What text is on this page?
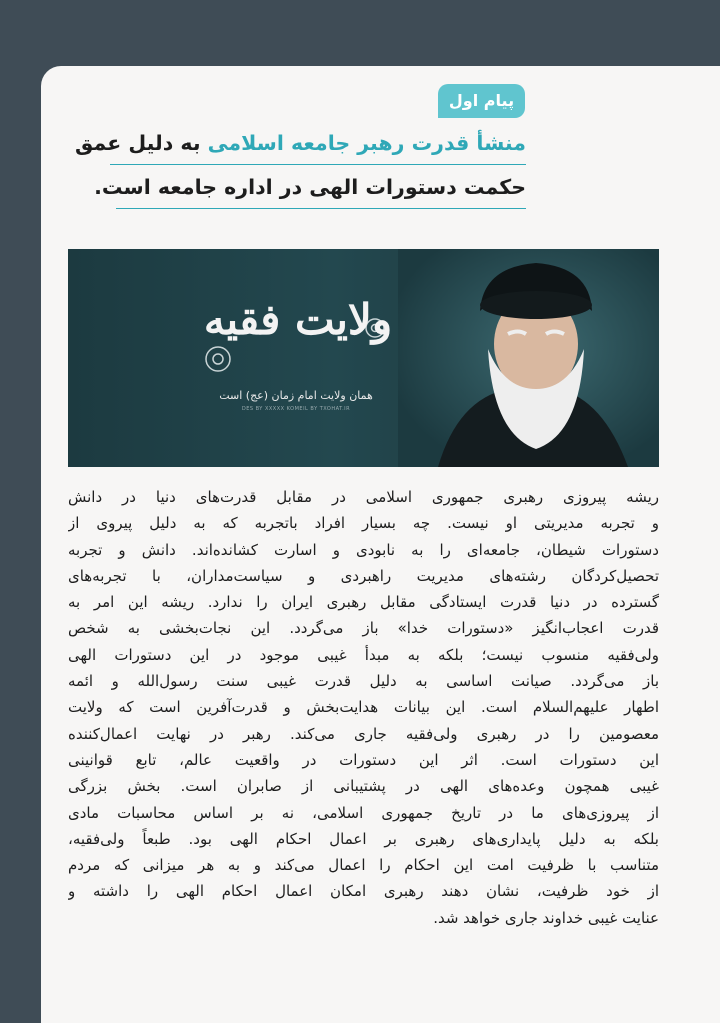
پیام اول
منشأ قدرت رهبر جامعه اسلامی به دلیل عمق
حکمت دستورات الهی در اداره جامعه است.
ولایت فقیه
همان ولایت امام زمان (عج) است
DES BY XXXXX KOMEIL BY TXOHAT.IR
ریشه پیروزی رهبری جمهوری اسلامی در مقابل قدرت‌های دنیا در دانش
و تجربه مدیریتی او نیست. چه بسیار افراد باتجربه که به دلیل پیروی از
دستورات شیطان، جامعه‌ای را به نابودی و اسارت کشانده‌اند. دانش و تجربه
تحصیل‌کردگان رشته‌های مدیریت راهبردی و سیاست‌مداران، با تجربه‌های
گسترده در دنیا قدرت ایستادگی مقابل رهبری ایران را ندارد. ریشه این امر به
قدرت اعجاب‌انگیز «دستورات خدا» باز می‌گردد. این نجات‌بخشی به شخص
ولی‌فقیه منسوب نیست؛ بلکه به مبدأ غیبی موجود در این دستورات الهی
باز می‌گردد. صیانت اساسی به دلیل قدرت غیبی سنت رسول‌الله و ائمه
اطهار علیهم‌السلام است. این بیانات هدایت‌بخش و قدرت‌آفرین است که ولایت
معصومین را در رهبری ولی‌فقیه جاری می‌کند. رهبر در نهایت اعمال‌کننده
این دستورات است. اثر این دستورات در واقعیت عالم، تابع قوانینی
غیبی همچون وعده‌های الهی در پشتیبانی از صابران است. بخش بزرگی
از پیروزی‌های ما در تاریخ جمهوری اسلامی، نه بر اساس محاسبات مادی
بلکه به دلیل پایداری‌های رهبری بر اعمال احکام الهی بود. طبعاً ولی‌فقیه،
متناسب با ظرفیت امت این احکام را اعمال می‌کند و به هر میزانی که مردم
از خود ظرفیت، نشان دهند رهبری امکان اعمال احکام الهی را داشته و
عنایت غیبی خداوند جاری خواهد شد.
